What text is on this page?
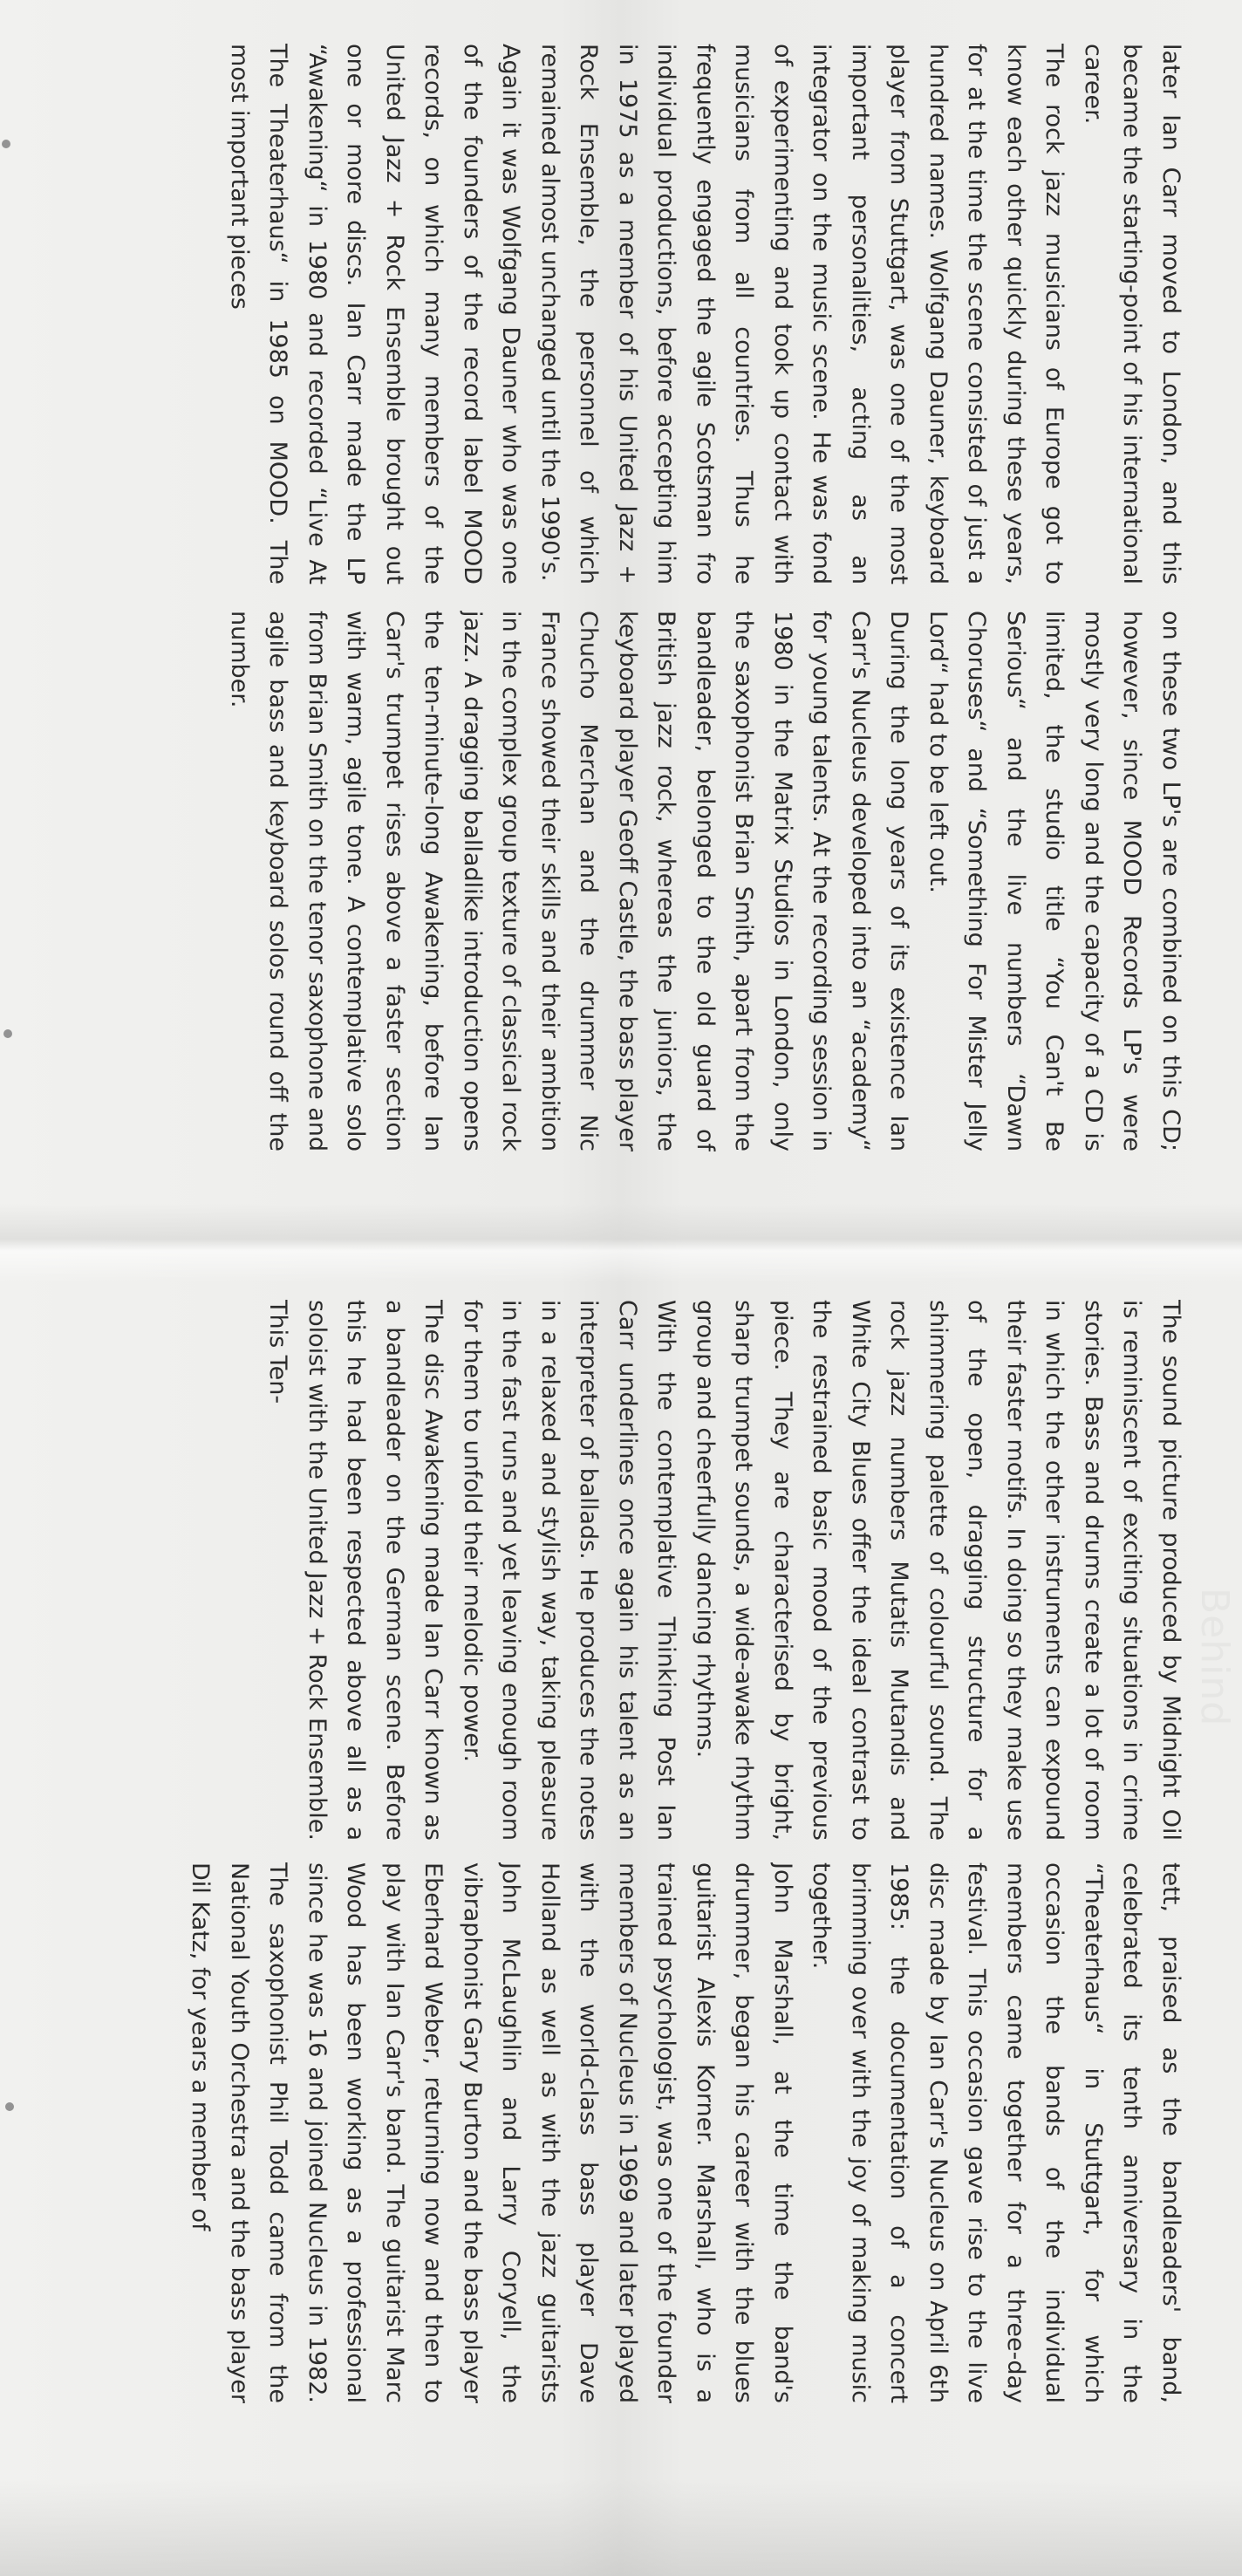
Behind

later Ian Carr moved to London, and this became the starting-point of his international career.

The rock jazz musicians of Europe got to know each other quickly during these years, for at the time the scene consisted of just a hundred names. Wolfgang Dauner, keyboard player from Stuttgart, was one of the most important personalities, acting as an integrator on the music scene. He was fond of experimenting and took up contact with musicians from all countries. Thus he frequently engaged the agile Scotsman fro individual productions, before accepting him in 1975 as a member of his United Jazz + Rock Ensemble, the personnel of which remained almost unchanged until the 1990's.

Again it was Wolfgang Dauner who was one of the founders of the record label MOOD records, on which many members of the United Jazz + Rock Ensemble brought out one or more discs. Ian Carr made the LP “Awakening“ in 1980 and recorded “Live At The Theaterhaus“ in 1985 on MOOD. The most important pieces

on these two LP's are combined on this CD; however, since MOOD Records LP's were mostly very long and the capacity of a CD is limited, the studio title “You Can't Be Serious“ and the live numbers “Dawn Choruses“ and “Something For Mister Jelly Lord“ had to be left out.

During the long years of its existence Ian Carr's Nucleus developed into an “academy“ for young talents. At the recording session in 1980 in the Matrix Studios in London, only the saxophonist Brian Smith, apart from the bandleader, belonged to the old guard of British jazz rock, whereas the juniors, the keyboard player Geoff Castle, the bass player Chucho Merchan and the drummer Nic France showed their skills and their ambition in the complex group texture of classical rock jazz. A dragging balladlike introduction opens the ten-minute-long Awakening, before Ian Carr's trumpet rises above a faster section with warm, agile tone. A contemplative solo from Brian Smith on the tenor saxophone and agile bass and keyboard solos round off the number.

The sound picture produced by Midnight Oil is reminiscent of exciting situations in crime stories. Bass and drums create a lot of room in which the other instruments can expound their faster motifs. In doing so they make use of the open, dragging structure for a shimmering palette of colourful sound. The rock jazz numbers Mutatis Mutandis and White City Blues offer the ideal contrast to the restrained basic mood of the previous piece. They are characterised by bright, sharp trumpet sounds, a wide-awake rhythm group and cheerfully dancing rhythms.

With the contemplative Thinking Post Ian Carr underlines once again his talent as an interpreter of ballads. He produces the notes in a relaxed and stylish way, taking pleasure in the fast runs and yet leaving enough room for them to unfold their melodic power.

The disc Awakening made Ian Carr known as a bandleader on the German scene. Before this he had been respected above all as a soloist with the United Jazz + Rock Ensemble. This Ten-

tett, praised as the bandleaders' band, celebrated its tenth anniversary in the “Theaterhaus“ in Stuttgart, for which occasion the bands of the individual members came together for a three-day festival. This occasion gave rise to the live disc made by Ian Carr's Nucleus on April 6th 1985: the documentation of a concert brimming over with the joy of making music together.

John Marshall, at the time the band's drummer, began his career with the blues guitarist Alexis Korner. Marshall, who is a trained psychologist, was one of the founder members of Nucleus in 1969 and later played with the world-class bass player Dave Holland as well as with the jazz guitarists John McLaughlin and Larry Coryell, the vibraphonist Gary Burton and the bass player Eberhard Weber, returning now and then to play with Ian Carr's band. The guitarist Marc Wood has been working as a professional since he was 16 and joined Nucleus in 1982. The saxophonist Phil Todd came from the National Youth Orchestra and the bass player Dil Katz, for years a member of
